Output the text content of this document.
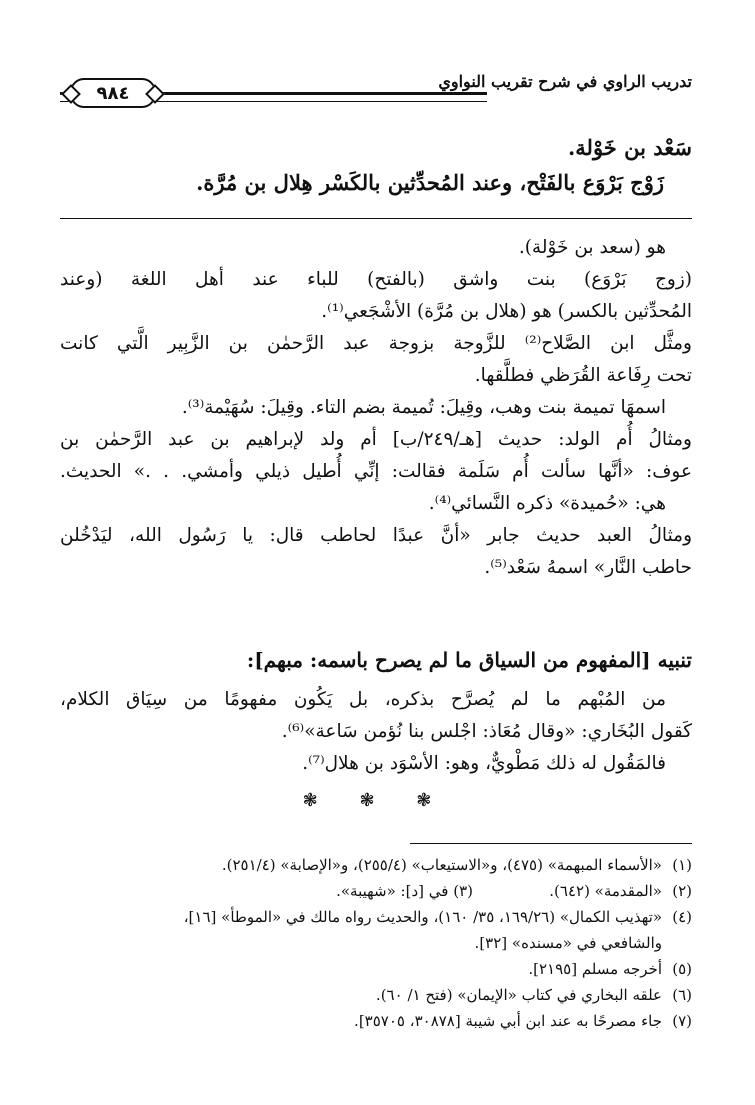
تدريب الراوي في شرح تقريب النواوي
٩٨٤
سَعْد بن خَوْلة.
زَوْج بَرْوَع بالفَتْح، وعند المُحدِّثين بالكَسْر هِلال بن مُرَّة.
هو (سعد بن خَوْلة).
(زوج بَرْوَع) بنت واشق (بالفتح) للباء عند أهل اللغة (وعند
المُحدِّثين بالكسر) هو (هلال بن مُرَّة) الأشْجَعي⁽¹⁾.
ومثَّل ابن الصَّلاح⁽²⁾ للزَّوجة بزوجة عبد الرَّحمٰن بن الزَّبِير الَّتي كانت
تحت رِفَاعة القُرَظي فطلَّقها.
اسمهَا تميمة بنت وهب، وقِيلَ: تُميمة بضم التاء. وقِيلَ: سُهَيْمة⁽³⁾.
ومثالُ أُم الولد: حديث [هـ/٢٤٩/ب] أم ولد لإبراهيم بن عبد الرَّحمٰن بن
عوف: «أنَّها سألت أُم سَلَمة فقالت: إنِّي أُطيل ذيلي وأمشي. . .» الحديث.
هي: «حُميدة» ذكره النَّسائي⁽⁴⁾.
ومثالُ العبد حديث جابر «أنَّ عبدًا لحاطب قال: يا رَسُول الله، ليَدْخُلن
حاطب النَّار» اسمهُ سَعْد⁽⁵⁾.
تنبيه [المفهوم من السياق ما لم يصرح باسمه: مبهم]:
من المُبْهم ما لم يُصرَّح بذكره، بل يَكُون مفهومًا من سِيَاق الكلام،
كَقول البُخَاري: «وقال مُعَاذ: اجْلس بنا نُؤمن سَاعة»⁽⁶⁾.
فالمَقُول له ذلك مَطْويٌّ، وهو: الأسْوَد بن هلال⁽⁷⁾.
❃ ❃ ❃
(١)«الأسماء المبهمة» (٤٧٥)، و«الاستيعاب» (٢٥٥/٤)، و«الإصابة» (٢٥١/٤).
(٢)«المقدمة» (٦٤٢).                (٣) في [د]: «شهيبة».
(٤)«تهذيب الكمال» (١٦٩/٢٦، ٣٥/ ١٦٠)، والحديث رواه مالك في «الموطأ» [١٦]،
والشافعي في «مسنده» [٣٢].
(٥)أخرجه مسلم [٢١٩٥].
(٦)علقه البخاري في كتاب «الإيمان» (فتح ١/ ٦٠).
(٧)جاء مصرحًا به عند ابن أبي شيبة [٣٠٨٧٨، ٣٥٧٠٥].
